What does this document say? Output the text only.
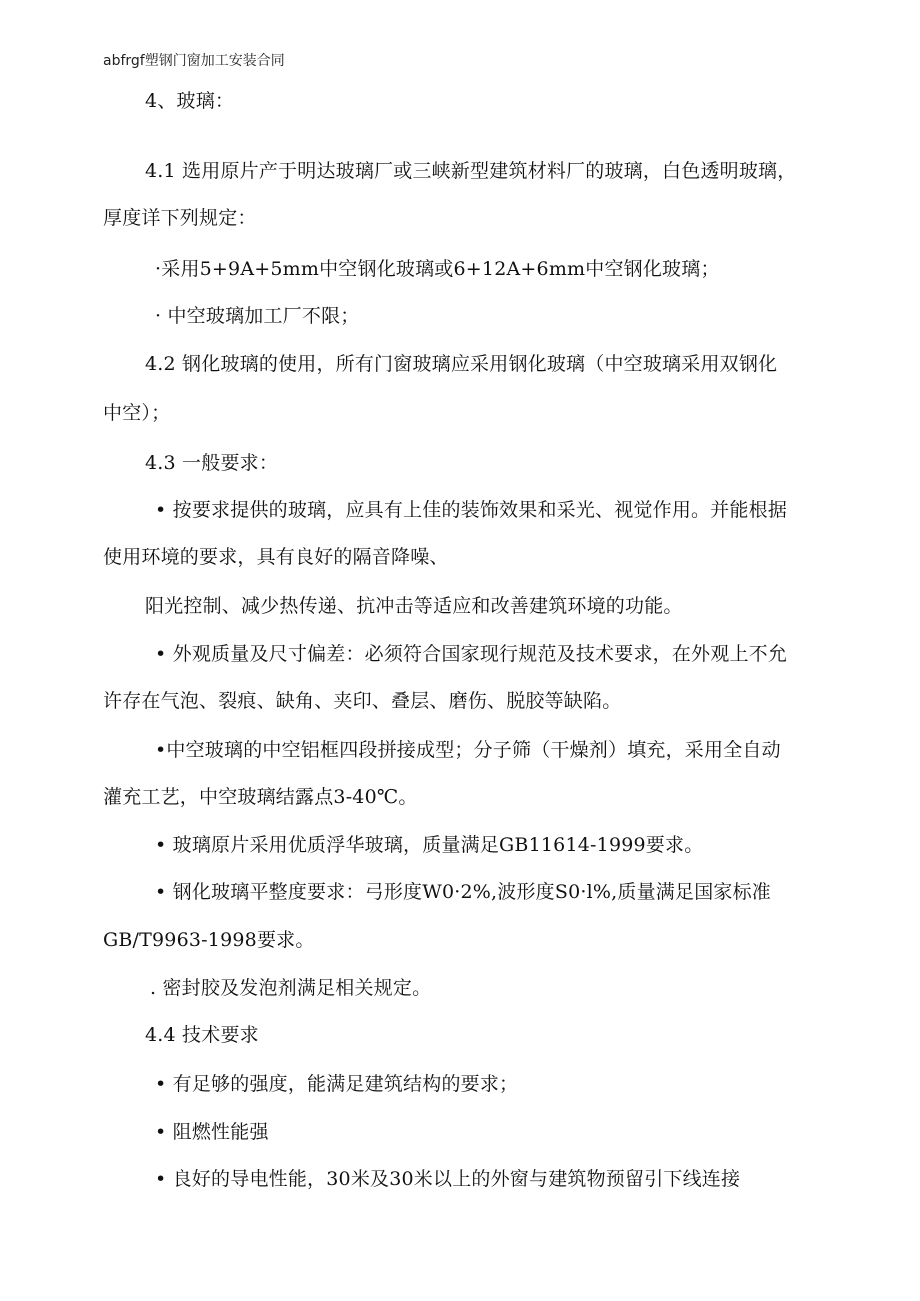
abfrgf塑钢门窗加工安装合同
4、玻璃：
4.1 选用原片产于明达玻璃厂或三峡新型建筑材料厂的玻璃，白色透明玻璃，
厚度详下列规定：
·采用5+9A+5mm中空钢化玻璃或6+12A+6mm中空钢化玻璃；
· 中空玻璃加工厂不限；
4.2 钢化玻璃的使用，所有门窗玻璃应采用钢化玻璃（中空玻璃采用双钢化
中空）；
4.3 一般要求：
• 按要求提供的玻璃，应具有上佳的装饰效果和采光、视觉作用。并能根据
使用环境的要求，具有良好的隔音降噪、
阳光控制、减少热传递、抗冲击等适应和改善建筑环境的功能。
• 外观质量及尺寸偏差：必须符合国家现行规范及技术要求，在外观上不允
许存在气泡、裂痕、缺角、夹印、叠层、磨伤、脱胶等缺陷。
•中空玻璃的中空铝框四段拼接成型；分子筛（干燥剂）填充，采用全自动
灌充工艺，中空玻璃结露点3-40℃。
• 玻璃原片采用优质浮华玻璃，质量满足GB11614-1999要求。
• 钢化玻璃平整度要求：弓形度W0·2%,波形度S0·l%,质量满足国家标准
GB/T9963-1998要求。
. 密封胶及发泡剂满足相关规定。
4.4 技术要求
• 有足够的强度，能满足建筑结构的要求；
• 阻燃性能强
• 良好的导电性能，30米及30米以上的外窗与建筑物预留引下线连接
